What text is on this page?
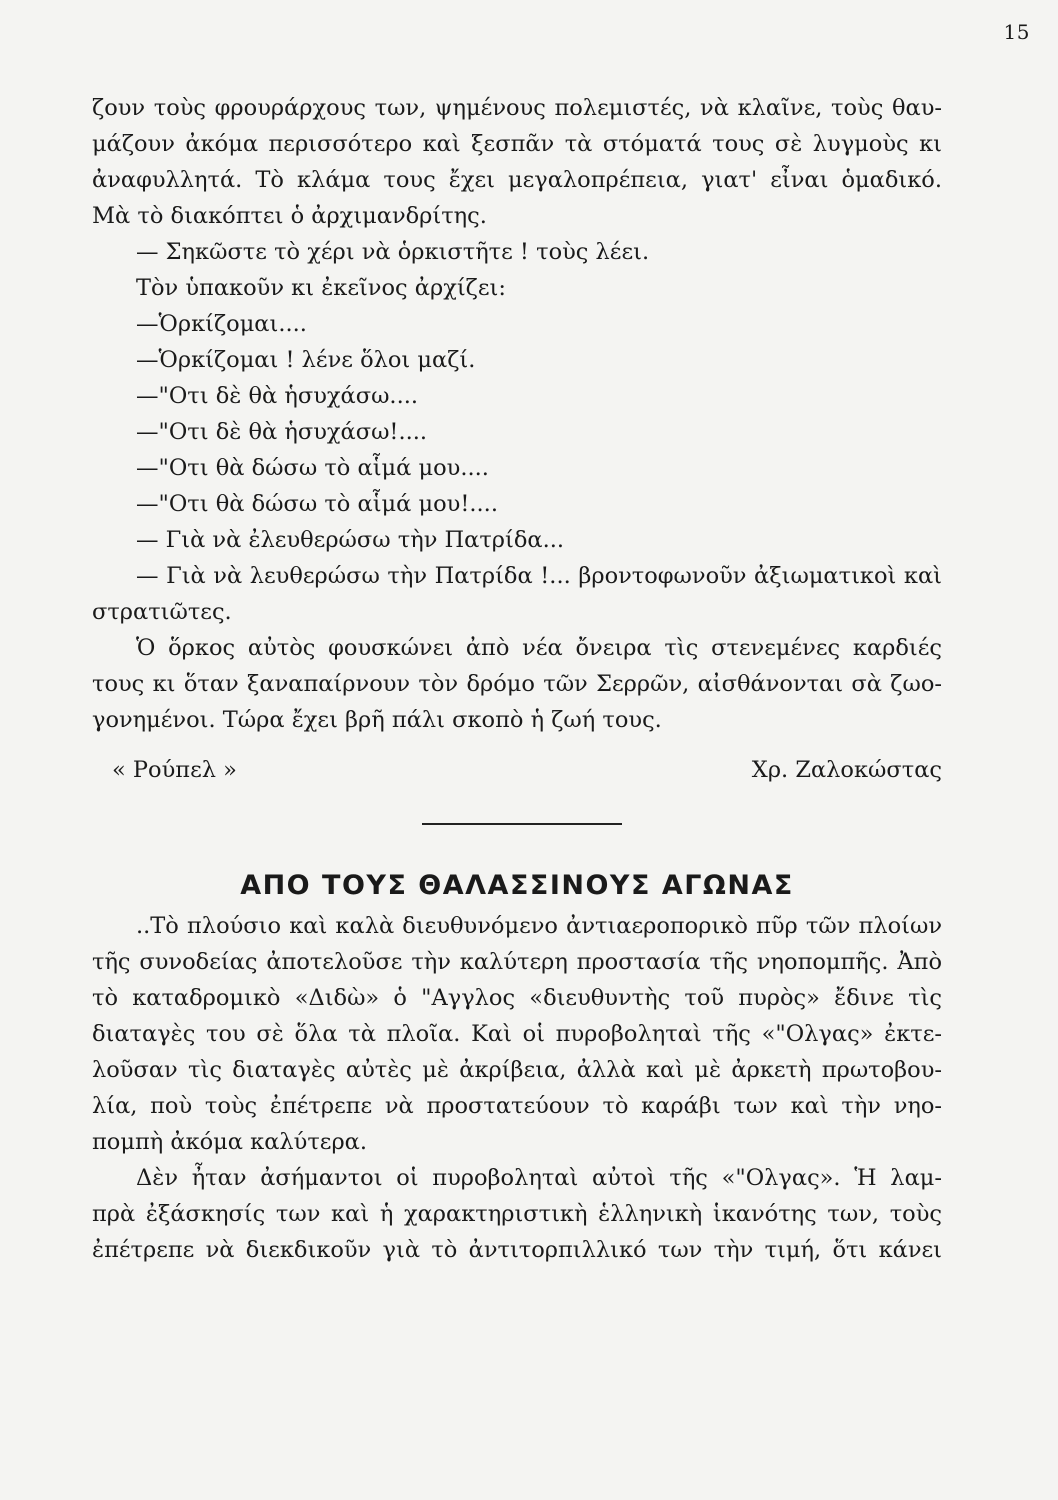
15
ζουν τοὺς φρουράρχους των, ψημένους πολεμιστές, νὰ κλαῖνε, τοὺς θαυ-
μάζουν ἀκόμα περισσότερο καὶ ξεσπᾶν τὰ στόματά τους σὲ λυγμοὺς κι
ἀναφυλλητά. Τὸ κλάμα τους ἔχει μεγαλοπρέπεια, γιατ' εἶναι ὁμαδικό.
Μὰ τὸ διακόπτει ὁ ἀρχιμανδρίτης.
— Σηκῶστε τὸ χέρι νὰ ὁρκιστῆτε ! τοὺς λέει.
Τὸν ὑπακοῦν κι ἐκεῖνος ἀρχίζει:
—Ὁρκίζομαι....
—Ὁρκίζομαι ! λένε ὅλοι μαζί.
—"Οτι δὲ θὰ ἡσυχάσω....
—"Οτι δὲ θὰ ἡσυχάσω!....
—"Οτι θὰ δώσω τὸ αἷμά μου....
—"Οτι θὰ δώσω τὸ αἷμά μου!....
— Γιὰ νὰ ἐλευθερώσω τὴν Πατρίδα...
— Γιὰ νὰ λευθερώσω τὴν Πατρίδα !... βροντοφωνοῦν ἀξιωματικοὶ καὶ
στρατιῶτες.
Ὁ ὅρκος αὐτὸς φουσκώνει ἀπὸ νέα ὄνειρα τὶς στενεμένες καρδιές
τους κι ὅταν ξαναπαίρνουν τὸν δρόμο τῶν Σερρῶν, αἰσθάνονται σὰ ζωο-
γονημένοι. Τώρα ἔχει βρῆ πάλι σκοπὸ ἡ ζωή τους.
« Ρούπελ »	Χρ. Ζαλοκώστας
ΑΠΟ ΤΟΥΣ ΘΑΛΑΣΣΙΝΟΥΣ ΑΓΩΝΑΣ
..Τὸ πλούσιο καὶ καλὰ διευθυνόμενο ἀντιαεροπορικὸ πῦρ τῶν πλοίων
τῆς συνοδείας ἀποτελοῦσε τὴν καλύτερη προστασία τῆς νηοπομπῆς. Ἀπὸ
τὸ καταδρομικὸ «Διδὼ» ὁ "Αγγλος «διευθυντὴς τοῦ πυρὸς» ἔδινε τὶς
διαταγὲς του σὲ ὅλα τὰ πλοῖα. Καὶ οἱ πυροβοληταὶ τῆς «"Ολγας» ἐκτε-
λοῦσαν τὶς διαταγὲς αὐτὲς μὲ ἀκρίβεια, ἀλλὰ καὶ μὲ ἀρκετὴ πρωτοβου-
λία, ποὺ τοὺς ἐπέτρεπε νὰ προστατεύουν τὸ καράβι των καὶ τὴν νηο-
πομπὴ ἀκόμα καλύτερα.
Δὲν ἦταν ἀσήμαντοι οἱ πυροβοληταὶ αὐτοὶ τῆς «"Ολγας». Ἡ λαμ-
πρὰ ἐξάσκησίς των καὶ ἡ χαρακτηριστικὴ ἑλληνικὴ ἱκανότης των, τοὺς
ἐπέτρεπε νὰ διεκδικοῦν γιὰ τὸ ἀντιτορπιλλικό των τὴν τιμή, ὅτι κάνει
